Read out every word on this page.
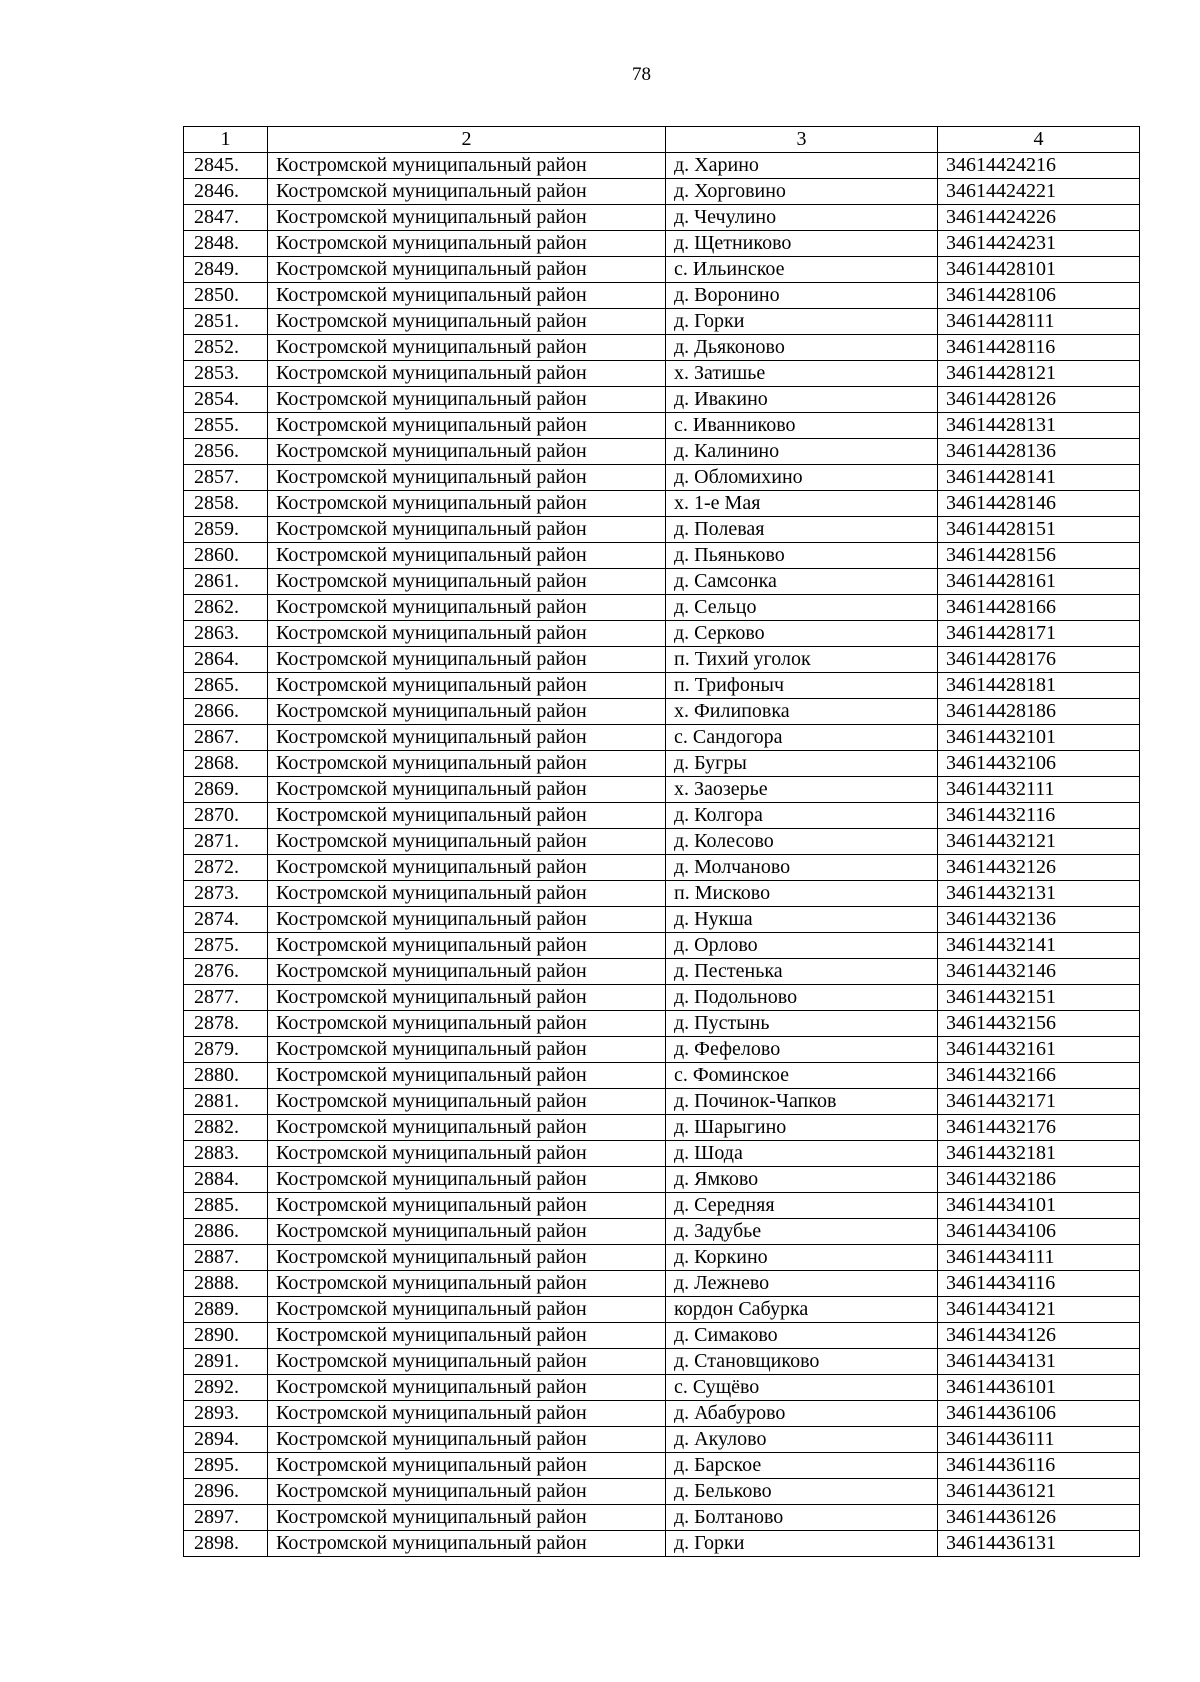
78
1	2	3	4
2845.	Костромской муниципальный район	д. Харино	34614424216
2846.	Костромской муниципальный район	д. Хорговино	34614424221
2847.	Костромской муниципальный район	д. Чечулино	34614424226
2848.	Костромской муниципальный район	д. Щетниково	34614424231
2849.	Костромской муниципальный район	с. Ильинское	34614428101
2850.	Костромской муниципальный район	д. Воронино	34614428106
2851.	Костромской муниципальный район	д. Горки	34614428111
2852.	Костромской муниципальный район	д. Дьяконово	34614428116
2853.	Костромской муниципальный район	х. Затишье	34614428121
2854.	Костромской муниципальный район	д. Ивакино	34614428126
2855.	Костромской муниципальный район	с. Иванниково	34614428131
2856.	Костромской муниципальный район	д. Калинино	34614428136
2857.	Костромской муниципальный район	д. Обломихино	34614428141
2858.	Костромской муниципальный район	х. 1-е Мая	34614428146
2859.	Костромской муниципальный район	д. Полевая	34614428151
2860.	Костромской муниципальный район	д. Пьяньково	34614428156
2861.	Костромской муниципальный район	д. Самсонка	34614428161
2862.	Костромской муниципальный район	д. Сельцо	34614428166
2863.	Костромской муниципальный район	д. Серково	34614428171
2864.	Костромской муниципальный район	п. Тихий уголок	34614428176
2865.	Костромской муниципальный район	п. Трифоныч	34614428181
2866.	Костромской муниципальный район	х. Филиповка	34614428186
2867.	Костромской муниципальный район	с. Сандогора	34614432101
2868.	Костромской муниципальный район	д. Бугры	34614432106
2869.	Костромской муниципальный район	х. Заозерье	34614432111
2870.	Костромской муниципальный район	д. Колгора	34614432116
2871.	Костромской муниципальный район	д. Колесово	34614432121
2872.	Костромской муниципальный район	д. Молчаново	34614432126
2873.	Костромской муниципальный район	п. Мисково	34614432131
2874.	Костромской муниципальный район	д. Нукша	34614432136
2875.	Костромской муниципальный район	д. Орлово	34614432141
2876.	Костромской муниципальный район	д. Пестенька	34614432146
2877.	Костромской муниципальный район	д. Подольново	34614432151
2878.	Костромской муниципальный район	д. Пустынь	34614432156
2879.	Костромской муниципальный район	д. Фефелово	34614432161
2880.	Костромской муниципальный район	с. Фоминское	34614432166
2881.	Костромской муниципальный район	д. Починок-Чапков	34614432171
2882.	Костромской муниципальный район	д. Шарыгино	34614432176
2883.	Костромской муниципальный район	д. Шода	34614432181
2884.	Костромской муниципальный район	д. Ямково	34614432186
2885.	Костромской муниципальный район	д. Середняя	34614434101
2886.	Костромской муниципальный район	д. Задубье	34614434106
2887.	Костромской муниципальный район	д. Коркино	34614434111
2888.	Костромской муниципальный район	д. Лежнево	34614434116
2889.	Костромской муниципальный район	кордон Сабурка	34614434121
2890.	Костромской муниципальный район	д. Симаково	34614434126
2891.	Костромской муниципальный район	д. Становщиково	34614434131
2892.	Костромской муниципальный район	с. Сущёво	34614436101
2893.	Костромской муниципальный район	д. Абабурово	34614436106
2894.	Костромской муниципальный район	д. Акулово	34614436111
2895.	Костромской муниципальный район	д. Барское	34614436116
2896.	Костромской муниципальный район	д. Бельково	34614436121
2897.	Костромской муниципальный район	д. Болтаново	34614436126
2898.	Костромской муниципальный район	д. Горки	34614436131
